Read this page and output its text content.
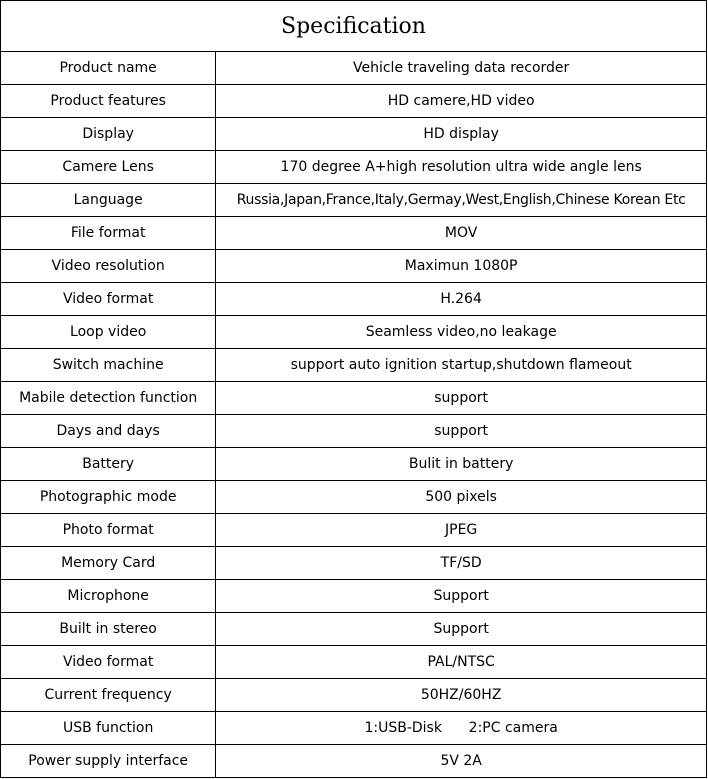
Specification	
Product name	Vehicle traveling data recorder
Product features	HD camere,HD video
Display	HD display
Camere Lens	170 degree A+high resolution ultra wide angle lens
Language	Russia,Japan,France,Italy,Germay,West,English,Chinese Korean Etc
File format	MOV
Video resolution	Maximun 1080P
Video format	H.264
Loop video	Seamless video,no leakage
Switch machine	support auto ignition startup,shutdown flameout
Mabile detection function	support
Days and days	support
Battery	Bulit in battery
Photographic mode	500 pixels
Photo format	JPEG
Memory Card	TF/SD
Microphone	Support
Built in stereo	Support
Video format	PAL/NTSC
Current frequency	50HZ/60HZ
USB function	1:USB-Disk      2:PC camera
Power supply interface	5V 2A
